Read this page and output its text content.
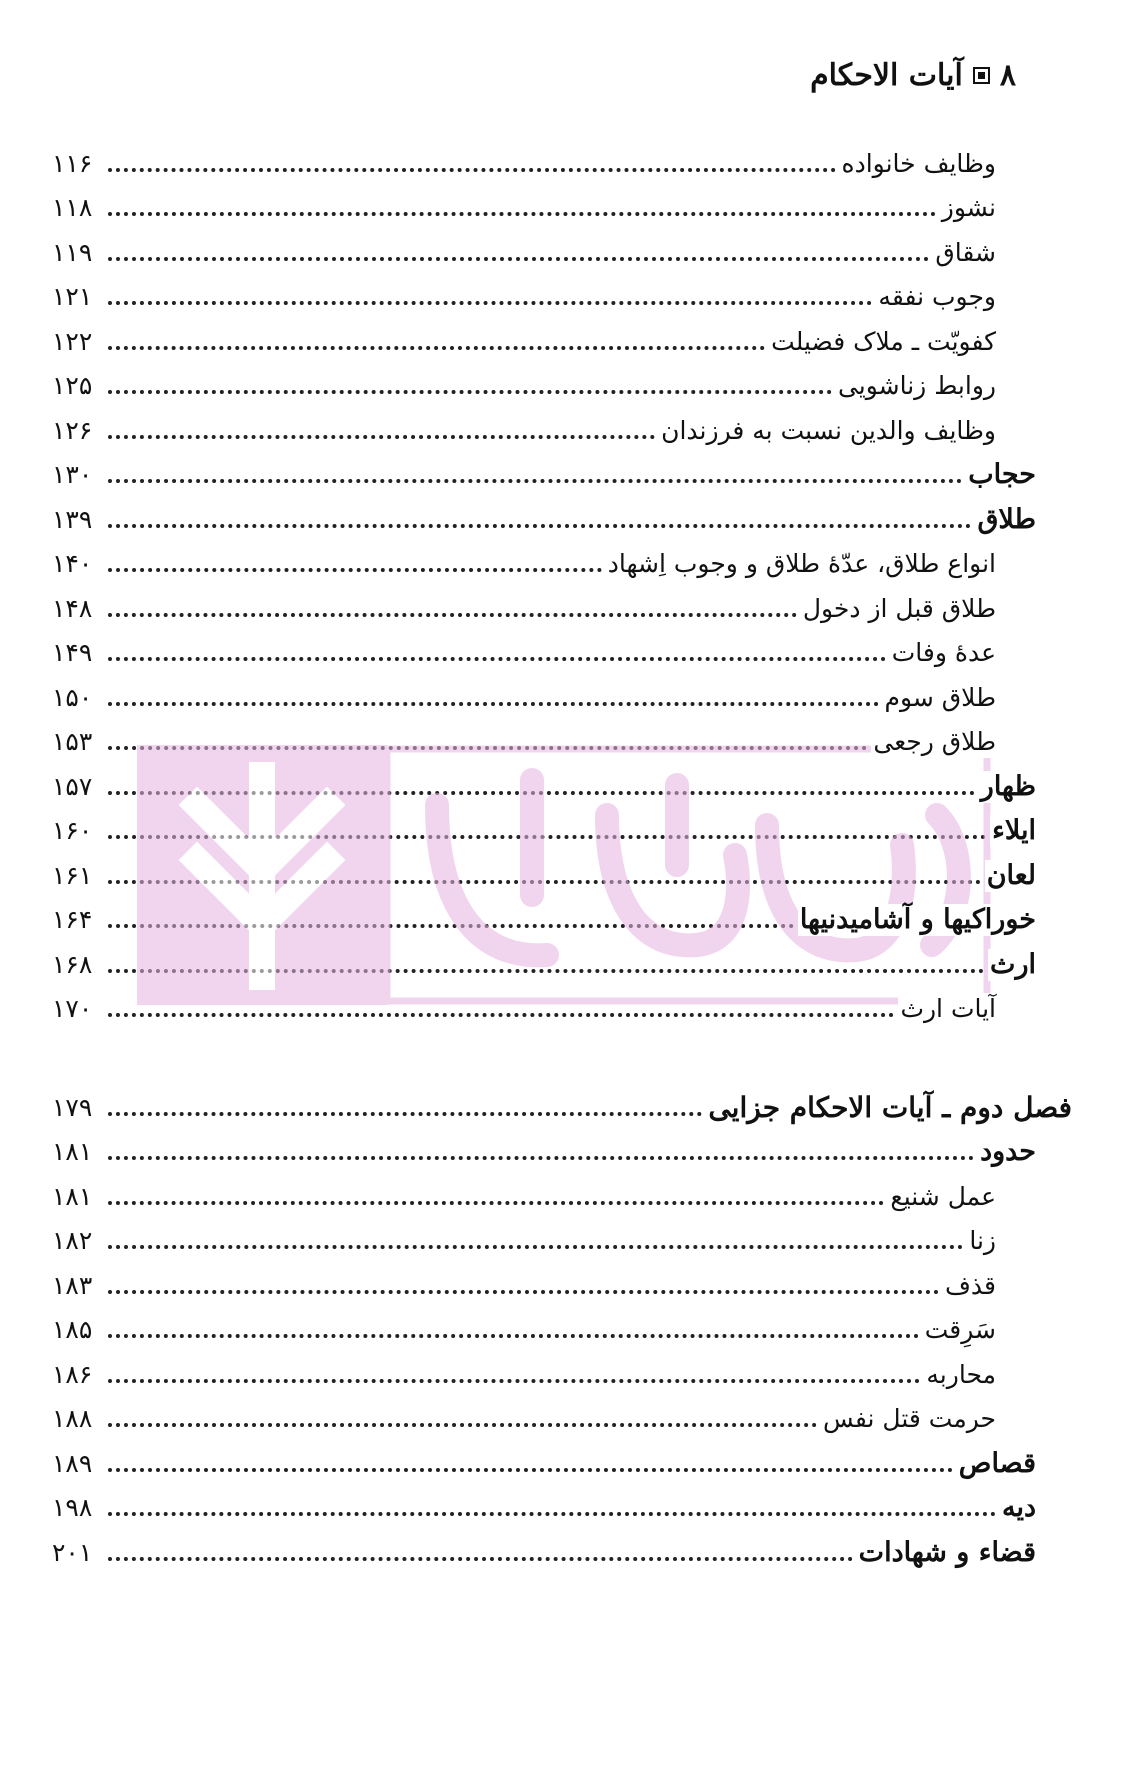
۸
آیات الاحکام
وظایف خانواده
۱۱۶
نشوز
۱۱۸
شقاق
۱۱۹
وجوب نفقه
۱۲۱
کفویّت ـ ملاک فضیلت
۱۲۲
روابط زناشویی
۱۲۵
وظایف والدین نسبت به فرزندان
۱۲۶
حجاب
۱۳۰
طلاق
۱۳۹
انواع طلاق، عدّهٔ طلاق و وجوب اِشهاد
۱۴۰
طلاق قبل از دخول
۱۴۸
عدهٔ وفات
۱۴۹
طلاق سوم
۱۵۰
طلاق رجعی
۱۵۳
ظهار
۱۵۷
ایلاء
۱۶۰
لعان
۱۶۱
خوراکیها و آشامیدنیها
۱۶۴
ارث
۱۶۸
آیات ارث
۱۷۰
فصل دوم ـ آیات الاحکام جزایی
۱۷۹
حدود
۱۸۱
عمل شنیع
۱۸۱
زنا
۱۸۲
قذف
۱۸۳
سَرِقت
۱۸۵
محاربه
۱۸۶
حرمت قتل نفس
۱۸۸
قصاص
۱۸۹
دیه
۱۹۸
قضاء و شهادات
۲۰۱
